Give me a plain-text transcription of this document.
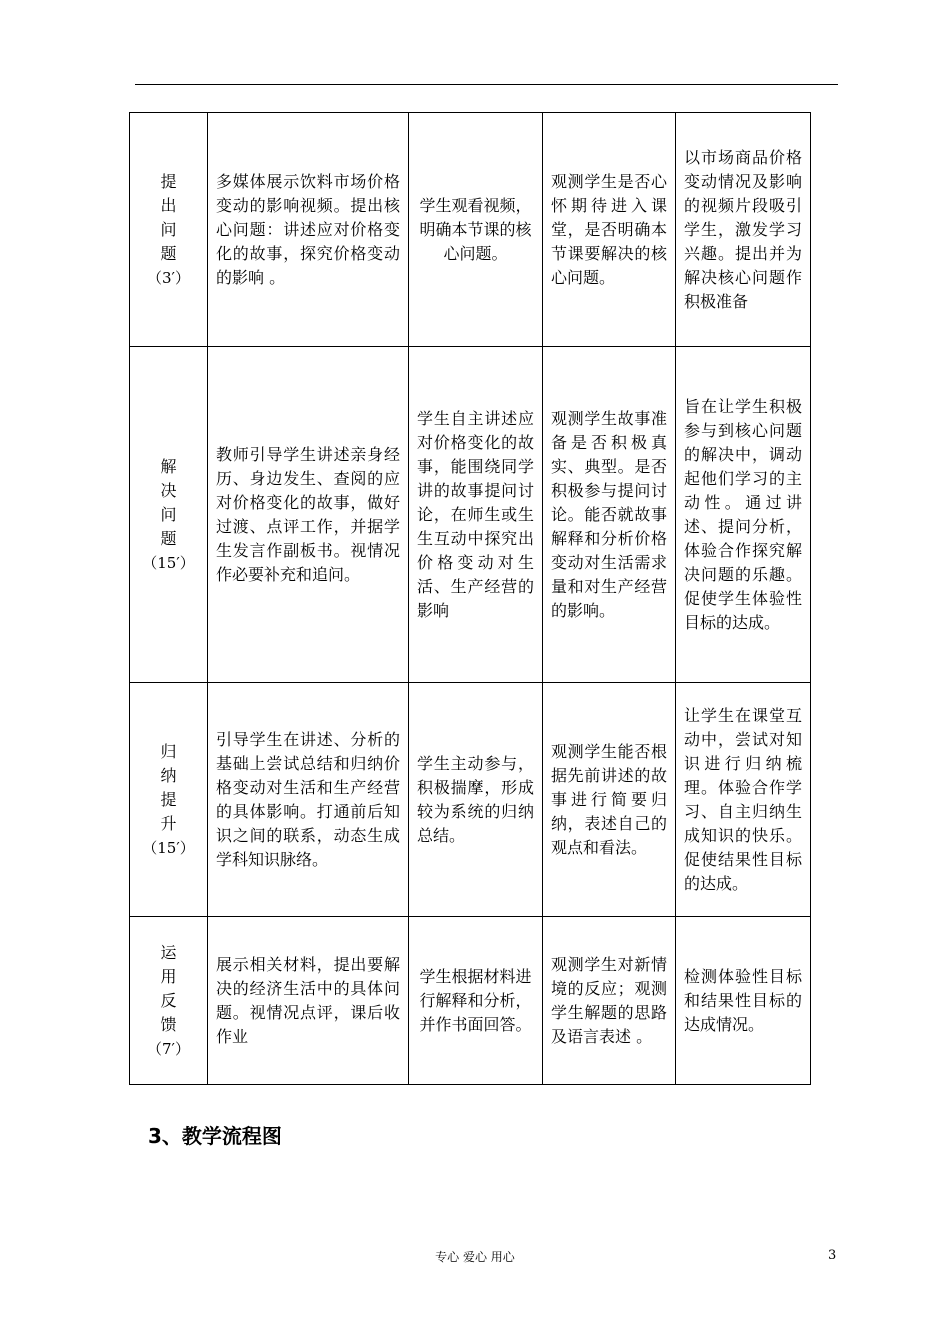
提出问题
（3′）	多媒体展示饮料市场价格变动的影响视频。提出核心问题：讲述应对价格变化的故事，探究价格变动的影响 。	学生观看视频，明确本节课的核心问题。	观测学生是否心怀期待进入课堂，是否明确本节课要解决的核心问题。	以市场商品价格变动情况及影响的视频片段吸引学生，激发学习兴趣。提出并为解决核心问题作积极准备

解决问题
（15′）	教师引导学生讲述亲身经历、身边发生、查阅的应对价格变化的故事，做好过渡、点评工作，并据学生发言作副板书。视情况作必要补充和追问。	学生自主讲述应对价格变化的故事，能围绕同学讲的故事提问讨论，在师生或生生互动中探究出价格变动对生活、生产经营的影响	观测学生故事准备是否积极真实、典型。是否积极参与提问讨论。能否就故事解释和分析价格变动对生活需求量和对生产经营的影响。	旨在让学生积极参与到核心问题的解决中，调动起他们学习的主动性。通过讲述、提问分析，体验合作探究解决问题的乐趣。促使学生体验性目标的达成。

归纳提升
（15′）	引导学生在讲述、分析的基础上尝试总结和归纳价格变动对生活和生产经营的具体影响。打通前后知识之间的联系，动态生成学科知识脉络。	学生主动参与，积极揣摩，形成较为系统的归纳总结。	观测学生能否根据先前讲述的故事进行简要归纳，表述自己的观点和看法。	让学生在课堂互动中，尝试对知识进行归纳梳理。体验合作学习、自主归纳生成知识的快乐。促使结果性目标的达成。

运用反馈
（7′）	展示相关材料，提出要解决的经济生活中的具体问题。视情况点评，课后收作业	学生根据材料进行解释和分析，并作书面回答。	观测学生对新情境的反应；观测学生解题的思路及语言表述 。	检测体验性目标和结果性目标的达成情况。
3、教学流程图
专心 爱心 用心	3
